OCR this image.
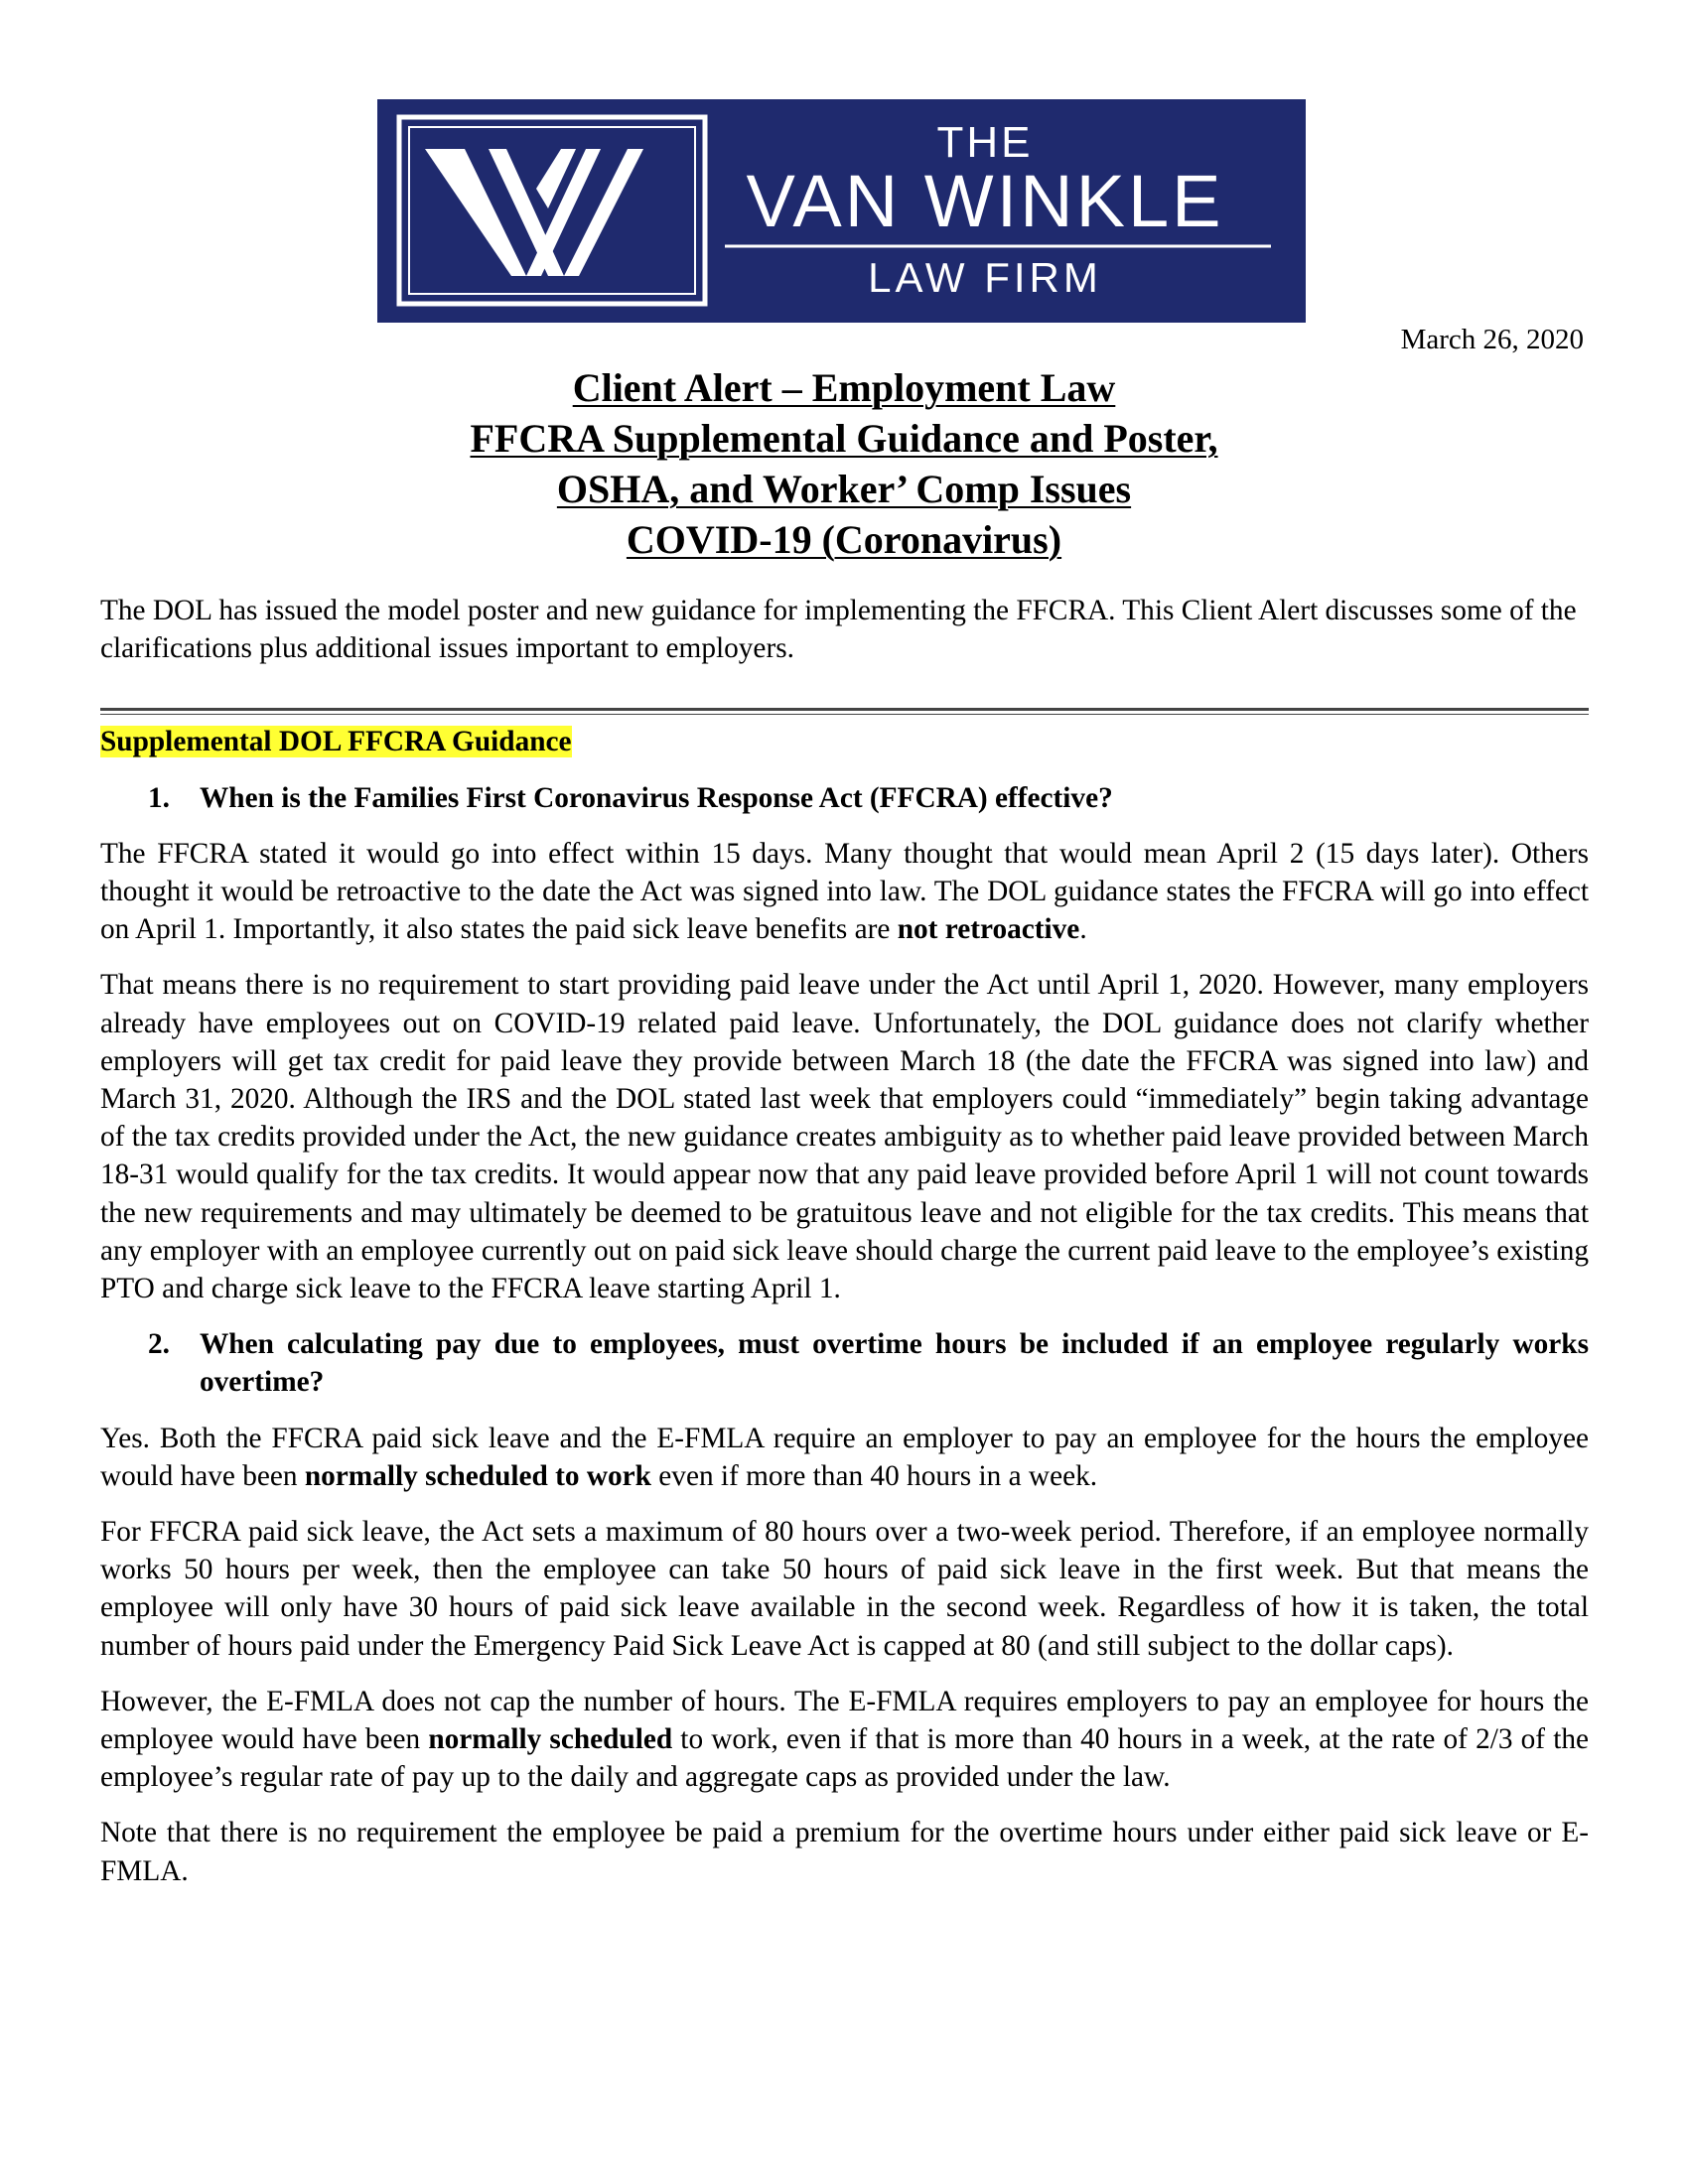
THE
VAN WINKLE
LAW FIRM
March 26, 2020
Client Alert – Employment Law
FFCRA Supplemental Guidance and Poster,
OSHA, and Worker’ Comp Issues
COVID-19 (Coronavirus)

The DOL has issued the model poster and new guidance for implementing the FFCRA. This Client Alert discusses some of the clarifications plus additional issues important to employers.

Supplemental DOL FFCRA Guidance
1.	When is the Families First Coronavirus Response Act (FFCRA) effective?

The FFCRA stated it would go into effect within 15 days. Many thought that would mean April 2 (15 days later). Others thought it would be retroactive to the date the Act was signed into law. The DOL guidance states the FFCRA will go into effect on April 1. Importantly, it also states the paid sick leave benefits are not retroactive.

That means there is no requirement to start providing paid leave under the Act until April 1, 2020. However, many employers already have employees out on COVID-19 related paid leave. Unfortunately, the DOL guidance does not clarify whether employers will get tax credit for paid leave they provide between March 18 (the date the FFCRA was signed into law) and March 31, 2020. Although the IRS and the DOL stated last week that employers could “immediately” begin taking advantage of the tax credits provided under the Act, the new guidance creates ambiguity as to whether paid leave provided between March 18-31 would qualify for the tax credits. It would appear now that any paid leave provided before April 1 will not count towards the new requirements and may ultimately be deemed to be gratuitous leave and not eligible for the tax credits. This means that any employer with an employee currently out on paid sick leave should charge the current paid leave to the employee’s existing PTO and charge sick leave to the FFCRA leave starting April 1.

2.	When calculating pay due to employees, must overtime hours be included if an employee regularly works overtime?

Yes. Both the FFCRA paid sick leave and the E-FMLA require an employer to pay an employee for the hours the employee would have been normally scheduled to work even if more than 40 hours in a week.

For FFCRA paid sick leave, the Act sets a maximum of 80 hours over a two-week period. Therefore, if an employee normally works 50 hours per week, then the employee can take 50 hours of paid sick leave in the first week. But that means the employee will only have 30 hours of paid sick leave available in the second week. Regardless of how it is taken, the total number of hours paid under the Emergency Paid Sick Leave Act is capped at 80 (and still subject to the dollar caps).

However, the E-FMLA does not cap the number of hours. The E-FMLA requires employers to pay an employee for hours the employee would have been normally scheduled to work, even if that is more than 40 hours in a week, at the rate of 2/3 of the employee’s regular rate of pay up to the daily and aggregate caps as provided under the law.

Note that there is no requirement the employee be paid a premium for the overtime hours under either paid sick leave or E-FMLA.
